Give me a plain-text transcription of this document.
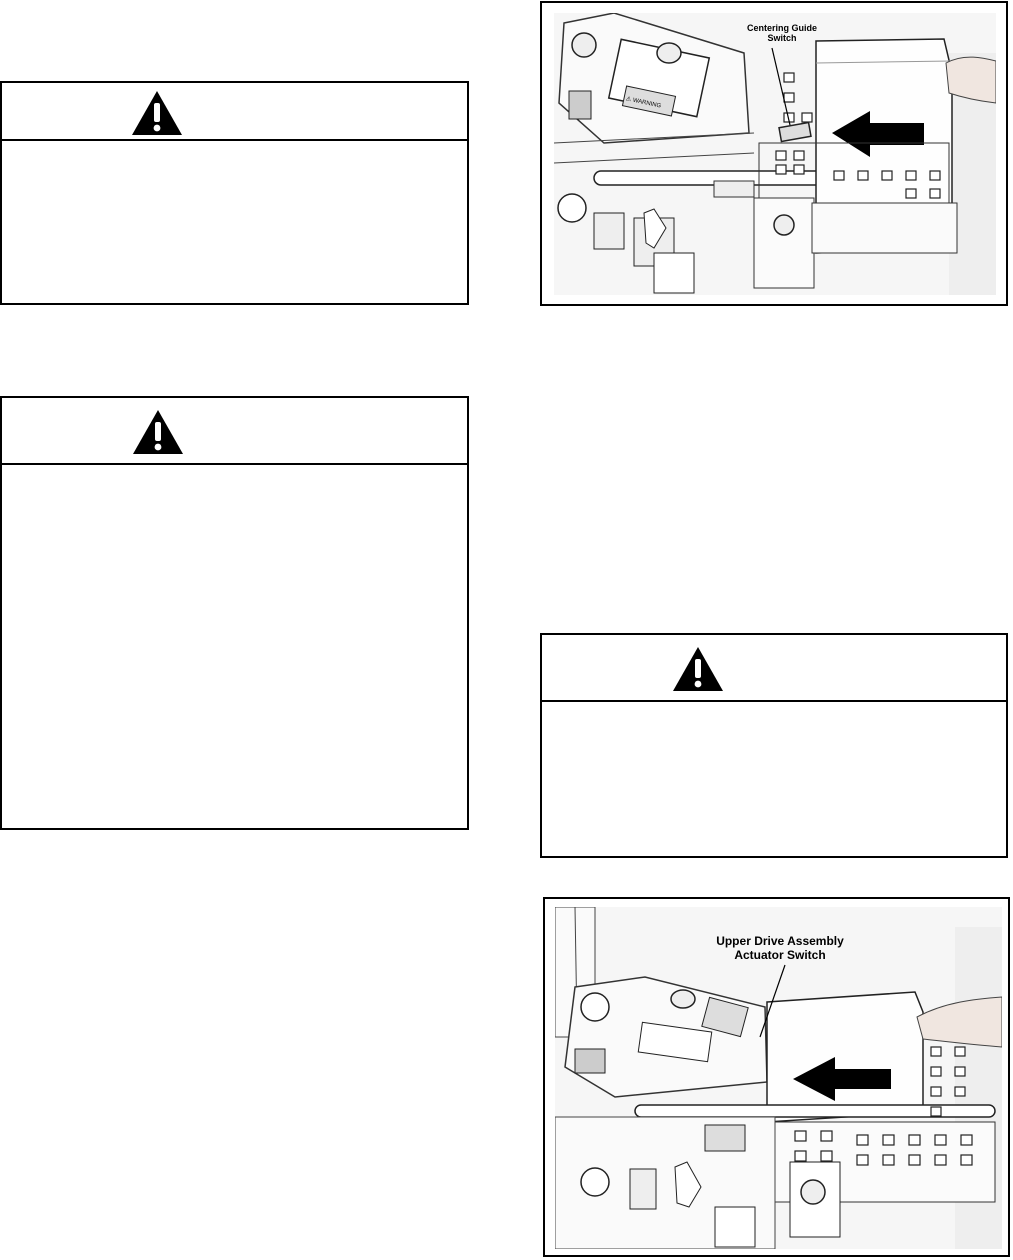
⚠ WARNING
Centering Guide
Switch
Upper Drive Assembly
Actuator Switch
